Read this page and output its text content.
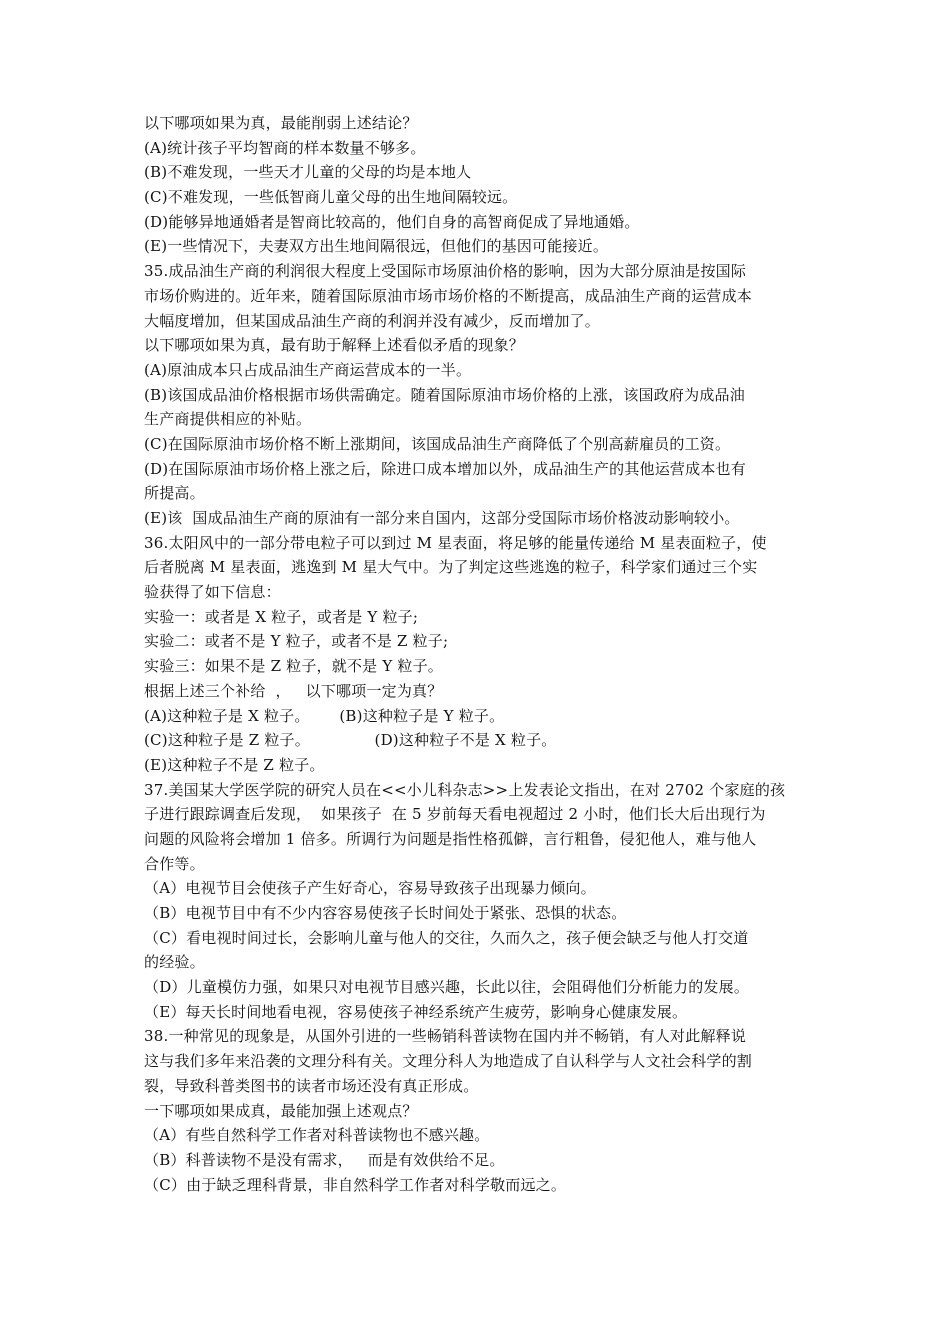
以下哪项如果为真，最能削弱上述结论？
(A)统计孩子平均智商的样本数量不够多。
(B)不难发现，一些天才儿童的父母的均是本地人
(C)不难发现，一些低智商儿童父母的出生地间隔较远。
(D)能够异地通婚者是智商比较高的，他们自身的高智商促成了异地通婚。
(E)一些情况下，夫妻双方出生地间隔很远，但他们的基因可能接近。
35.成品油生产商的利润很大程度上受国际市场原油价格的影响，因为大部分原油是按国际
市场价购进的。近年来，随着国际原油市场市场价格的不断提高，成品油生产商的运营成本
大幅度增加，但某国成品油生产商的利润并没有减少，反而增加了。
以下哪项如果为真，最有助于解释上述看似矛盾的现象？
(A)原油成本只占成品油生产商运营成本的一半。
(B)该国成品油价格根据市场供需确定。随着国际原油市场价格的上涨，该国政府为成品油
生产商提供相应的补贴。
(C)在国际原油市场价格不断上涨期间，该国成品油生产商降低了个别高薪雇员的工资。
(D)在国际原油市场价格上涨之后，除进口成本增加以外，成品油生产的其他运营成本也有
所提高。
(E)该  国成品油生产商的原油有一部分来自国内，这部分受国际市场价格波动影响较小。
36.太阳风中的一部分带电粒子可以到过 M 星表面，将足够的能量传递给 M 星表面粒子，使
后者脱离 M 星表面，逃逸到 M 星大气中。为了判定这些逃逸的粒子，科学家们通过三个实
验获得了如下信息：
实验一：或者是 X 粒子，或者是 Y 粒子;
实验二：或者不是 Y 粒子，或者不是 Z 粒子;
实验三：如果不是 Z 粒子，就不是 Y 粒子。
根据上述三个补给  ，   以下哪项一定为真？
(A)这种粒子是 X 粒子。      (B)这种粒子是 Y 粒子。
(C)这种粒子是 Z 粒子。             (D)这种粒子不是 X 粒子。
(E)这种粒子不是 Z 粒子。
37.美国某大学医学院的研究人员在<<小儿科杂志>>上发表论文指出，在对 2702 个家庭的孩
子进行跟踪调查后发现，  如果孩子  在 5 岁前每天看电视超过 2 小时，他们长大后出现行为
问题的风险将会增加 1 倍多。所调行为问题是指性格孤僻，言行粗鲁，侵犯他人，难与他人
合作等。
（A）电视节目会使孩子产生好奇心，容易导致孩子出现暴力倾向。
（B）电视节目中有不少内容容易使孩子长时间处于紧张、恐惧的状态。
（C）看电视时间过长，会影响儿童与他人的交往，久而久之，孩子便会缺乏与他人打交道
的经验。
（D）儿童模仿力强，如果只对电视节目感兴趣，长此以往，会阻碍他们分析能力的发展。
（E）每天长时间地看电视，容易使孩子神经系统产生疲劳，影响身心健康发展。
38.一种常见的现象是，从国外引进的一些畅销科普读物在国内并不畅销，有人对此解释说
这与我们多年来沿袭的文理分科有关。文理分科人为地造成了自认科学与人文社会科学的割
裂，导致科普类图书的读者市场还没有真正形成。
一下哪项如果成真，最能加强上述观点？
（A）有些自然科学工作者对科普读物也不感兴趣。
（B）科普读物不是没有需求，   而是有效供给不足。
（C）由于缺乏理科背景，非自然科学工作者对科学敬而远之。
